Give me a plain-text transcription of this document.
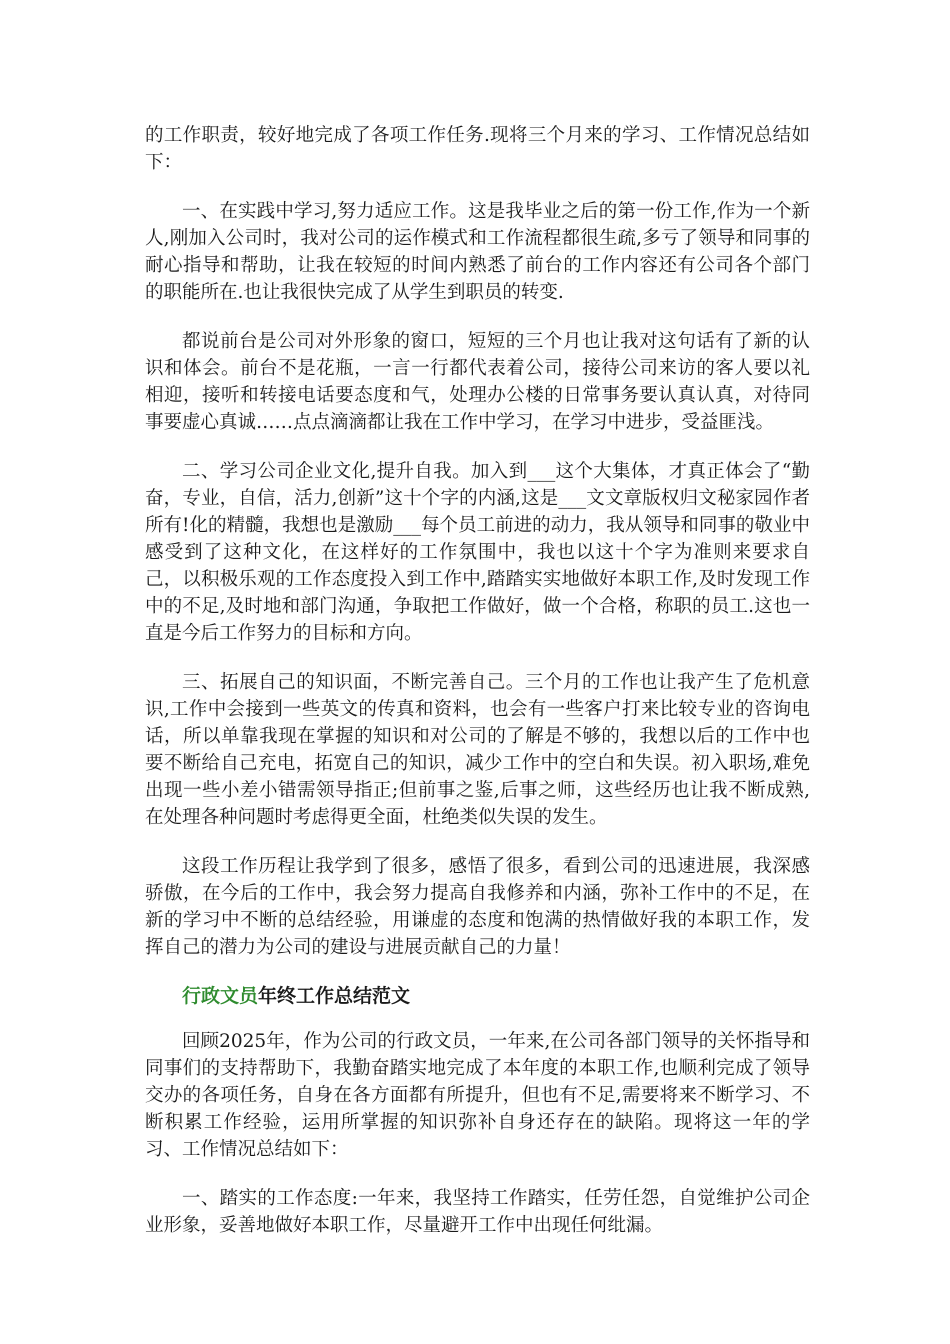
的工作职责，较好地完成了各项工作任务.现将三个月来的学习、工作情况总结如下：

一、在实践中学习,努力适应工作。这是我毕业之后的第一份工作,作为一个新人,刚加入公司时，我对公司的运作模式和工作流程都很生疏,多亏了领导和同事的耐心指导和帮助，让我在较短的时间内熟悉了前台的工作内容还有公司各个部门的职能所在.也让我很快完成了从学生到职员的转变.

都说前台是公司对外形象的窗口，短短的三个月也让我对这句话有了新的认识和体会。前台不是花瓶，一言一行都代表着公司，接待公司来访的客人要以礼相迎，接听和转接电话要态度和气，处理办公楼的日常事务要认真认真，对待同事要虚心真诚……点点滴滴都让我在工作中学习，在学习中进步，受益匪浅。

二、学习公司企业文化,提升自我。加入到___这个大集体，才真正体会了“勤奋，专业，自信，活力,创新”这十个字的内涵,这是___文文章版权归文秘家园作者所有!化的精髓，我想也是激励___每个员工前进的动力，我从领导和同事的敬业中感受到了这种文化，在这样好的工作氛围中，我也以这十个字为准则来要求自己，以积极乐观的工作态度投入到工作中,踏踏实实地做好本职工作,及时发现工作中的不足,及时地和部门沟通，争取把工作做好，做一个合格，称职的员工.这也一直是今后工作努力的目标和方向。

三、拓展自己的知识面，不断完善自己。三个月的工作也让我产生了危机意识,工作中会接到一些英文的传真和资料，也会有一些客户打来比较专业的咨询电话，所以单靠我现在掌握的知识和对公司的了解是不够的，我想以后的工作中也要不断给自己充电，拓宽自己的知识，减少工作中的空白和失误。初入职场,难免出现一些小差小错需领导指正;但前事之鉴,后事之师，这些经历也让我不断成熟,在处理各种问题时考虑得更全面，杜绝类似失误的发生。

这段工作历程让我学到了很多，感悟了很多，看到公司的迅速进展，我深感骄傲，在今后的工作中，我会努力提高自我修养和内涵，弥补工作中的不足，在新的学习中不断的总结经验，用谦虚的态度和饱满的热情做好我的本职工作，发挥自己的潜力为公司的建设与进展贡献自己的力量！

行政文员年终工作总结范文

回顾2025年，作为公司的行政文员，一年来,在公司各部门领导的关怀指导和同事们的支持帮助下，我勤奋踏实地完成了本年度的本职工作,也顺利完成了领导交办的各项任务，自身在各方面都有所提升，但也有不足,需要将来不断学习、不断积累工作经验，运用所掌握的知识弥补自身还存在的缺陷。现将这一年的学习、工作情况总结如下：

一、踏实的工作态度:一年来，我坚持工作踏实，任劳任怨，自觉维护公司企业形象，妥善地做好本职工作，尽量避开工作中出现任何纰漏。
